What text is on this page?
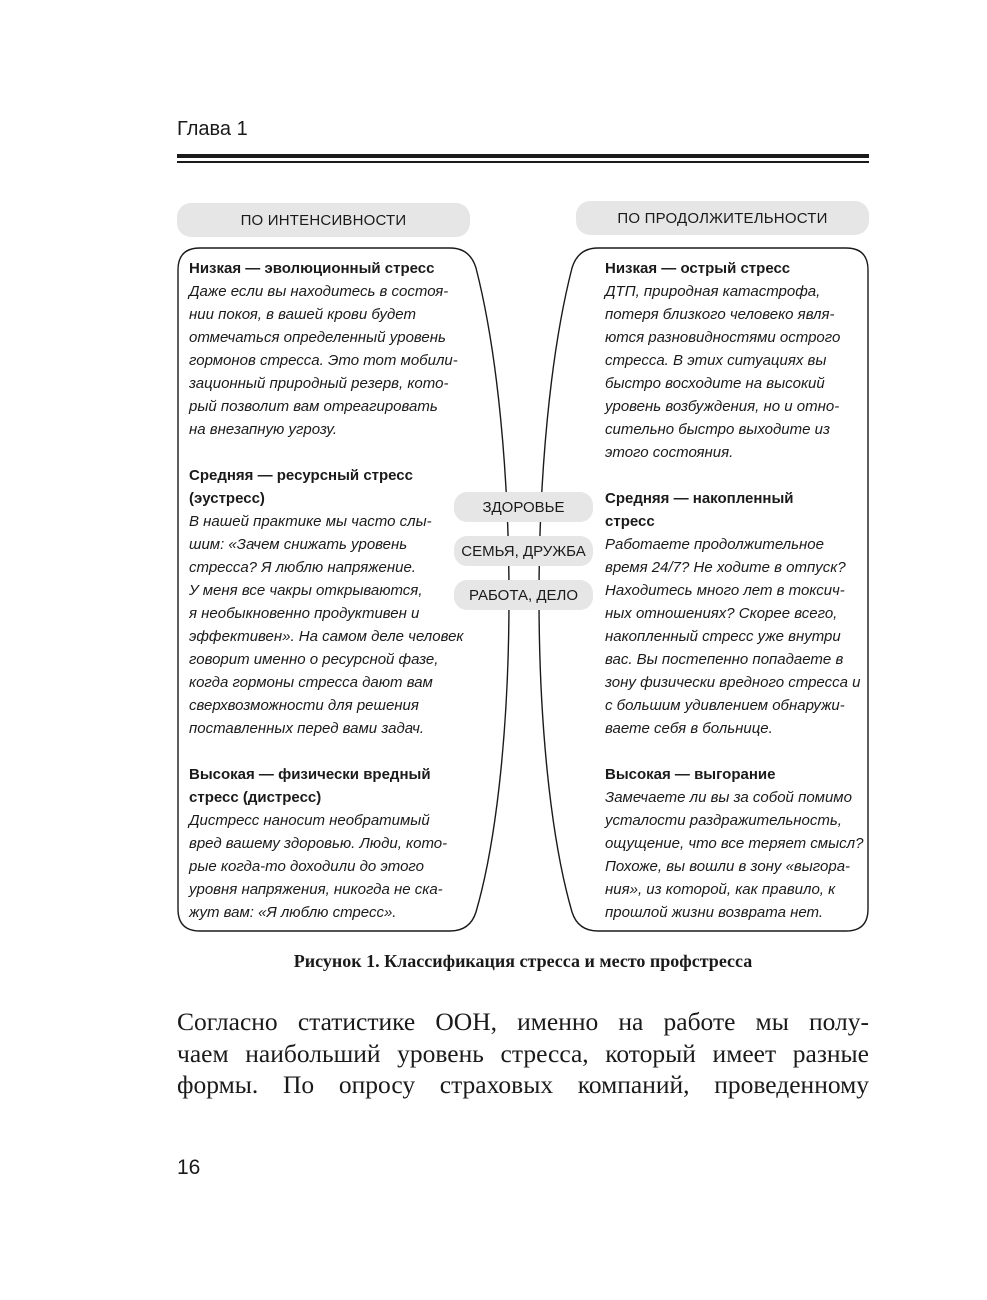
Глава 1
ПО ИНТЕНСИВНОСТИ	ПО ПРОДОЛЖИТЕЛЬНОСТИ
Низкая — эволюционный стресс
Даже если вы находитесь в состоя-
нии покоя, в вашей крови будет
отмечаться определенный уровень
гормонов стресса. Это тот мобили-
зационный природный резерв, кото-
рый позволит вам отреагировать
на внезапную угрозу.
Средняя — ресурсный стресс
(эустресс)
В нашей практике мы часто слы-
шим: «Зачем снижать уровень
стресса? Я люблю напряжение.
У меня все чакры открываются,
я необыкновенно продуктивен и
эффективен». На самом деле человек
говорит именно о ресурсной фазе,
когда гормоны стресса дают вам
сверхвозможности для решения
поставленных перед вами задач.
Высокая — физически вредный
стресс (дистресс)
Дистресс наносит необратимый
вред вашему здоровью. Люди, кото-
рые когда-то доходили до этого
уровня напряжения, никогда не ска-
жут вам: «Я люблю стресс».
Низкая — острый стресс
ДТП, природная катастрофа,
потеря близкого человеко явля-
ются разновидностями острого
стресса. В этих ситуациях вы
быстро восходите на высокий
уровень возбуждения, но и отно-
сительно быстро выходите из
этого состояния.
Средняя — накопленный
стресс
Работаете продолжительное
время 24/7? Не ходите в отпуск?
Находитесь много лет в токсич-
ных отношениях? Скорее всего,
накопленный стресс уже внутри
вас. Вы постепенно попадаете в
зону физически вредного стресса и
с большим удивлением обнаружи-
ваете себя в больнице.
Высокая — выгорание
Замечаете ли вы за собой помимо
усталости раздражительность,
ощущение, что все теряет смысл?
Похоже, вы вошли в зону «выгора-
ния», из которой, как правило, к
прошлой жизни возврата нет.
ЗДОРОВЬЕ
СЕМЬЯ, ДРУЖБА
РАБОТА, ДЕЛО
Рисунок 1. Классификация стресса и место профстресса
Согласно статистике ООН, именно на работе мы полу-
чаем наибольший уровень стресса, который имеет разные
формы. По опросу страховых компаний, проведенному
16
